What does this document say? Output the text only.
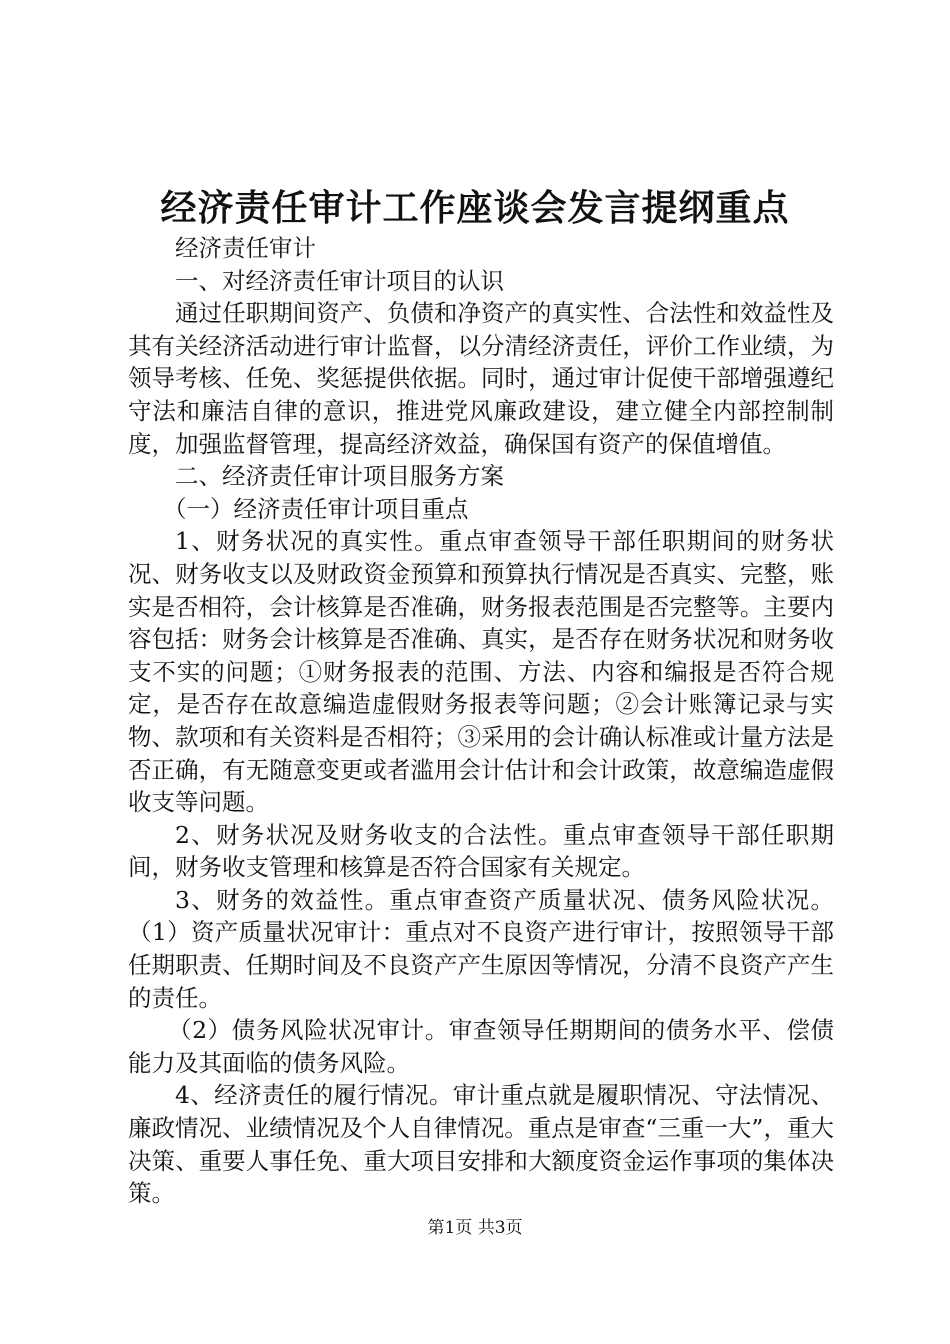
经济责任审计工作座谈会发言提纲重点

经济责任审计

一、对经济责任审计项目的认识

通过任职期间资产、负债和净资产的真实性、合法性和效益性及其有关经济活动进行审计监督，以分清经济责任，评价工作业绩，为领导考核、任免、奖惩提供依据。同时，通过审计促使干部增强遵纪守法和廉洁自律的意识，推进党风廉政建设，建立健全内部控制制度，加强监督管理，提高经济效益，确保国有资产的保值增值。

二、经济责任审计项目服务方案

（一）经济责任审计项目重点

1、财务状况的真实性。重点审查领导干部任职期间的财务状况、财务收支以及财政资金预算和预算执行情况是否真实、完整，账实是否相符，会计核算是否准确，财务报表范围是否完整等。主要内容包括：财务会计核算是否准确、真实，是否存在财务状况和财务收支不实的问题；①财务报表的范围、方法、内容和编报是否符合规定，是否存在故意编造虚假财务报表等问题；②会计账簿记录与实物、款项和有关资料是否相符；③采用的会计确认标准或计量方法是否正确，有无随意变更或者滥用会计估计和会计政策，故意编造虚假收支等问题。

2、财务状况及财务收支的合法性。重点审查领导干部任职期间，财务收支管理和核算是否符合国家有关规定。

3、财务的效益性。重点审查资产质量状况、债务风险状况。（1）资产质量状况审计：重点对不良资产进行审计，按照领导干部任期职责、任期时间及不良资产产生原因等情况，分清不良资产产生的责任。

（2）债务风险状况审计。审查领导任期期间的债务水平、偿债能力及其面临的债务风险。

4、经济责任的履行情况。审计重点就是履职情况、守法情况、廉政情况、业绩情况及个人自律情况。重点是审查“三重一大”，重大决策、重要人事任免、重大项目安排和大额度资金运作事项的集体决策。

第1页 共3页
